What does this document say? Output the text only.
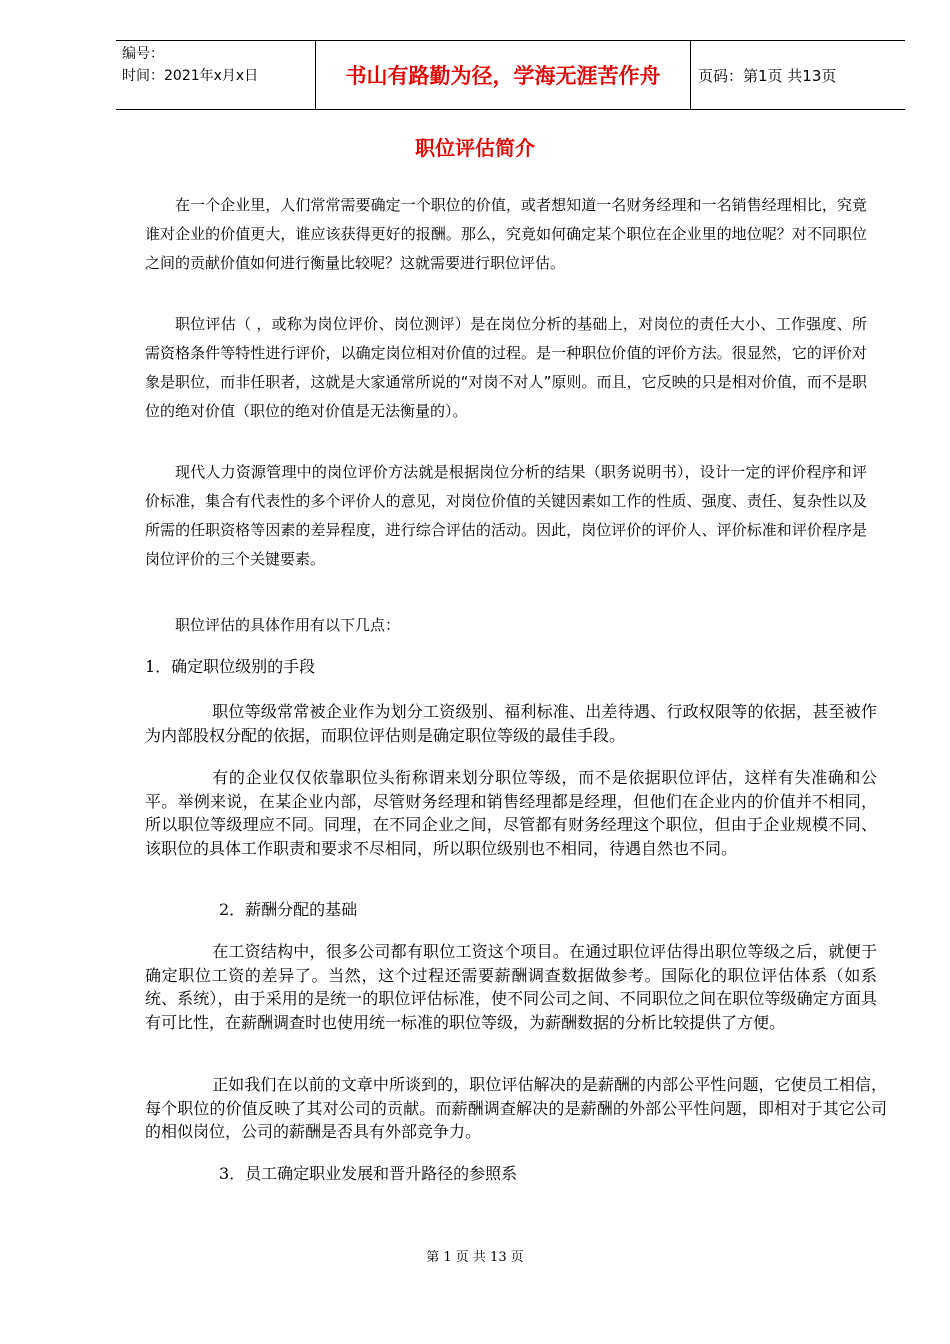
编号：
时间：2021年x月x日	书山有路勤为径，学海无涯苦作舟	页码：第1页 共13页
职位评估简介
在一个企业里，人们常常需要确定一个职位的价值，或者想知道一名财务经理和一名销售经理相比，究竟谁对企业的价值更大，谁应该获得更好的报酬。那么，究竟如何确定某个职位在企业里的地位呢？对不同职位之间的贡献价值如何进行衡量比较呢？这就需要进行职位评估。
职位评估（ ，或称为岗位评价、岗位测评）是在岗位分析的基础上，对岗位的责任大小、工作强度、所需资格条件等特性进行评价，以确定岗位相对价值的过程。是一种职位价值的评价方法。很显然，它的评价对象是职位，而非任职者，这就是大家通常所说的“对岗不对人”原则。而且，它反映的只是相对价值，而不是职位的绝对价值（职位的绝对价值是无法衡量的）。
现代人力资源管理中的岗位评价方法就是根据岗位分析的结果（职务说明书），设计一定的评价程序和评价标准，集合有代表性的多个评价人的意见，对岗位价值的关键因素如工作的性质、强度、责任、复杂性以及所需的任职资格等因素的差异程度，进行综合评估的活动。因此，岗位评价的评价人、评价标准和评价程序是岗位评价的三个关键要素。
职位评估的具体作用有以下几点：
1．确定职位级别的手段
职位等级常常被企业作为划分工资级别、福利标准、出差待遇、行政权限等的依据，甚至被作为内部股权分配的依据，而职位评估则是确定职位等级的最佳手段。
有的企业仅仅依靠职位头衔称谓来划分职位等级，而不是依据职位评估，这样有失准确和公平。举例来说，在某企业内部，尽管财务经理和销售经理都是经理，但他们在企业内的价值并不相同，所以职位等级理应不同。同理，在不同企业之间，尽管都有财务经理这个职位，但由于企业规模不同、该职位的具体工作职责和要求不尽相同，所以职位级别也不相同，待遇自然也不同。
2．薪酬分配的基础
在工资结构中，很多公司都有职位工资这个项目。在通过职位评估得出职位等级之后，就便于确定职位工资的差异了。当然，这个过程还需要薪酬调查数据做参考。国际化的职位评估体系（如系统、系统），由于采用的是统一的职位评估标准，使不同公司之间、不同职位之间在职位等级确定方面具有可比性，在薪酬调查时也使用统一标准的职位等级，为薪酬数据的分析比较提供了方便。
正如我们在以前的文章中所谈到的，职位评估解决的是薪酬的内部公平性问题，它使员工相信，每个职位的价值反映了其对公司的贡献。而薪酬调查解决的是薪酬的外部公平性问题，即相对于其它公司的相似岗位，公司的薪酬是否具有外部竞争力。
3．员工确定职业发展和晋升路径的参照系
第 1 页 共 13 页
